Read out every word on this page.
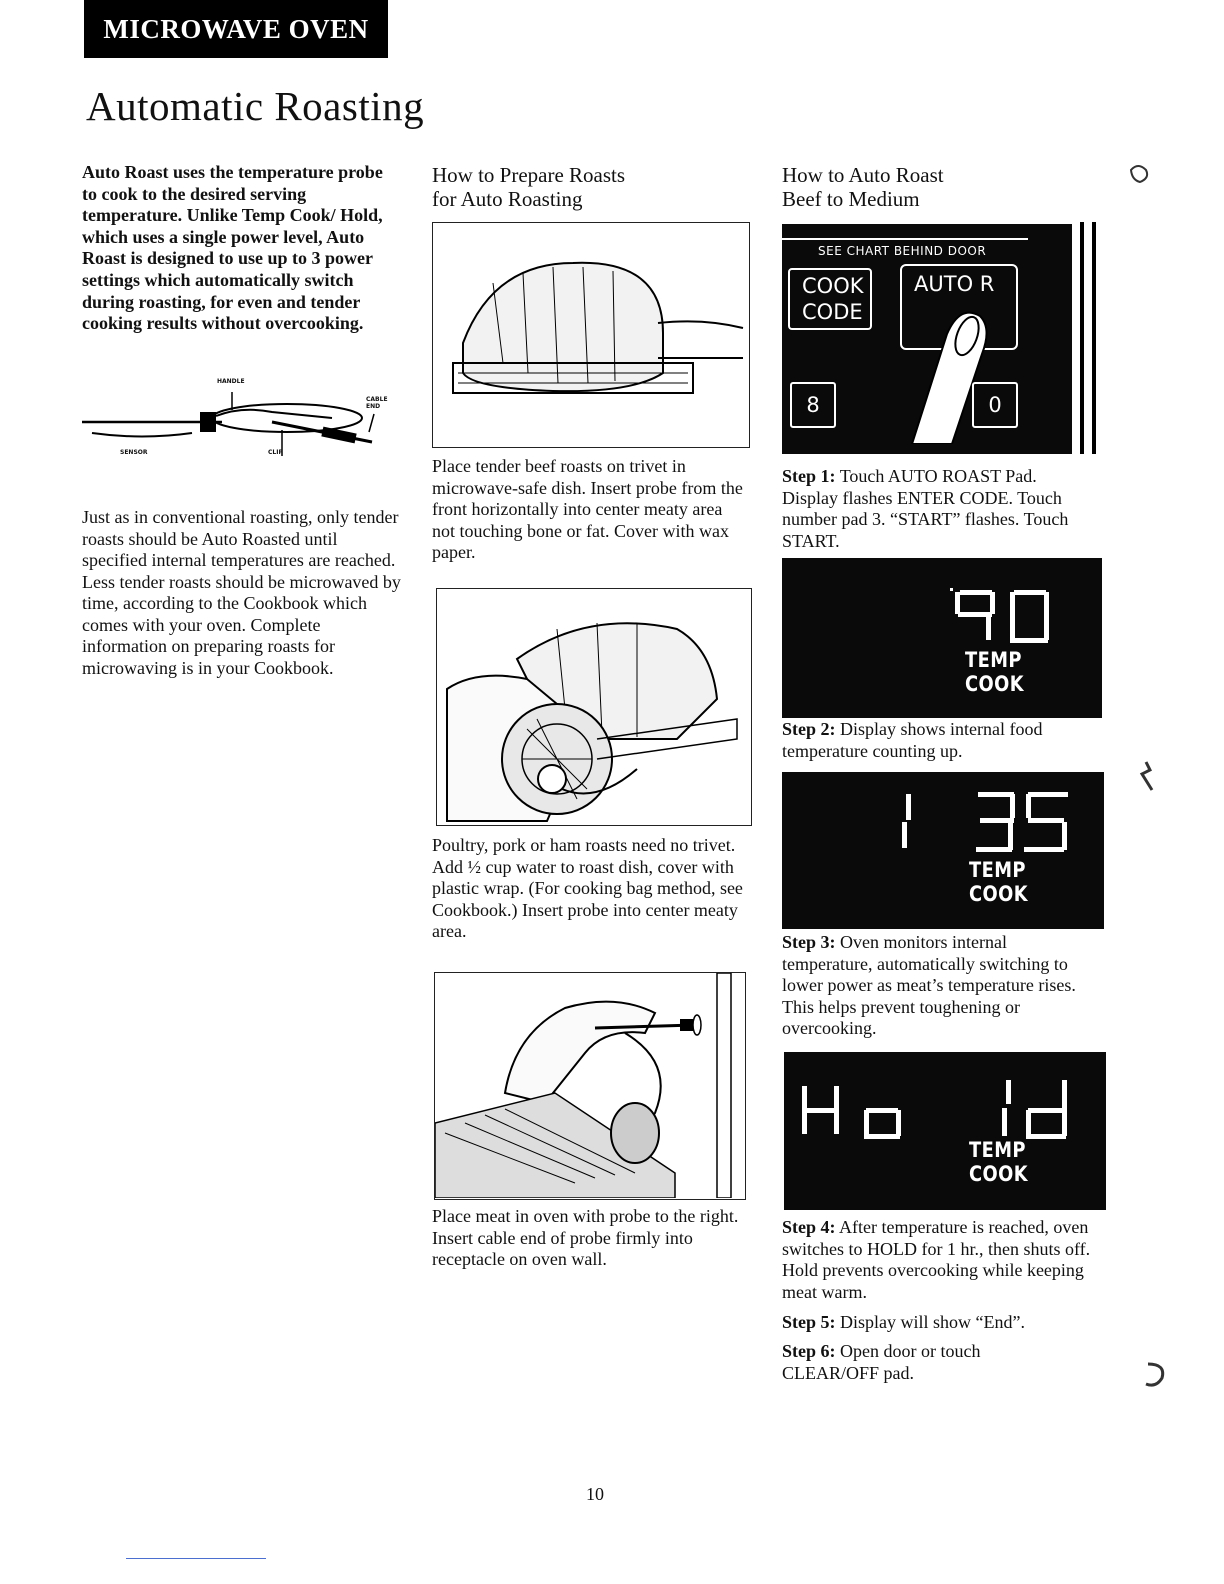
MICROWAVE OVEN
Automatic Roasting
Auto Roast uses the temperature probe to cook to the desired serving temperature. Unlike Temp Cook/ Hold, which uses a single power level, Auto Roast is designed to use up to 3 power settings which automatically switch during roasting, for even and tender cooking results without overcooking.
HANDLE
CABLE END
SENSOR	CLIP
Just as in conventional roasting, only tender roasts should be Auto Roasted until specified internal temperatures are reached. Less tender roasts should be microwaved by time, according to the Cookbook which comes with your oven. Complete information on preparing roasts for microwaving is in your Cookbook.
How to Prepare Roasts
for Auto Roasting
Place tender beef roasts on trivet in microwave-safe dish. Insert probe from the front horizontally into center meaty area not touching bone or fat. Cover with wax paper.
Poultry, pork or ham roasts need no trivet. Add ½ cup water to roast dish, cover with plastic wrap. (For cooking bag method, see Cookbook.) Insert probe into center meaty area.
Place meat in oven with probe to the right. Insert cable end of probe firmly into receptacle on oven wall.
How to Auto Roast
Beef to Medium
SEE CHART BEHIND DOOR
COOK
CODE
AUTO R
8	0
Step 1: Touch AUTO ROAST Pad. Display flashes ENTER CODE. Touch number pad 3. “START” flashes. Touch START.
TEMP COOK
Step 2: Display shows internal food temperature counting up.
TEMP COOK
Step 3: Oven monitors internal temperature, automatically switching to lower power as meat’s temperature rises. This helps prevent toughening or overcooking.
TEMP COOK
Step 4: After temperature is reached, oven switches to HOLD for 1 hr., then shuts off. Hold prevents overcooking while keeping meat warm.
Step 5: Display will show “End”.
Step 6: Open door or touch CLEAR/OFF pad.
10
